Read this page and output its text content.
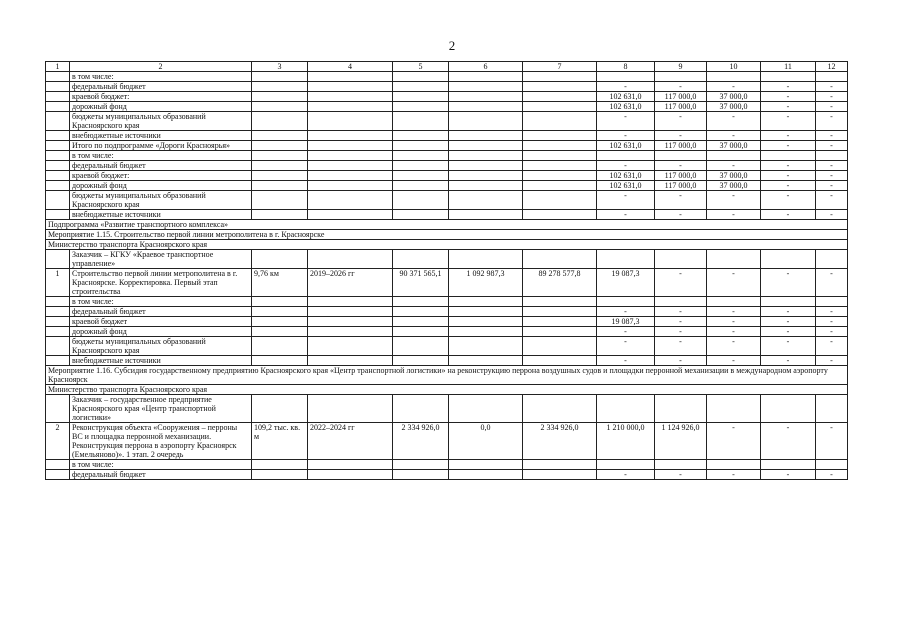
2
1	2	3	4	5	6	7	8	9	10	11	12
	в том числе:										
	федеральный бюджет						-	-	-	-	-
	краевой бюджет:						102 631,0	117 000,0	37 000,0	-	-
	дорожный фонд						102 631,0	117 000,0	37 000,0	-	-
	бюджеты муниципальных образований Красноярского края						-	-	-	-	-
	внебюджетные источники						-	-	-	-	-
	Итого по подпрограмме «Дороги Красноярья»						102 631,0	117 000,0	37 000,0	-	-
	в том числе:										
	федеральный бюджет						-	-	-	-	-
	краевой бюджет:						102 631,0	117 000,0	37 000,0	-	-
	дорожный фонд						102 631,0	117 000,0	37 000,0	-	-
	бюджеты муниципальных образований Красноярского края						-	-	-	-	-
	внебюджетные источники						-	-	-	-	-
Подпрограмма «Развитие транспортного комплекса»											
Мероприятие 1.15. Строительство первой линии метрополитена в г. Красноярске											
Министерство транспорта Красноярского края											
	Заказчик – КГКУ «Краевое транспортное управление»										
1	Строительство первой линии метрополитена в г. Красноярске. Корректировка. Первый этап строительства	9,76 км	2019–2026 гг	90 371 565,1	1 092 987,3	89 278 577,8	19 087,3	-	-	-	-
	в том числе:										
	федеральный бюджет						-	-	-	-	-
	краевой бюджет						19 087,3	-	-	-	-
	дорожный фонд						-	-	-	-	-
	бюджеты муниципальных образований Красноярского края						-	-	-	-	-
	внебюджетные источники						-	-	-	-	-
Мероприятие 1.16. Субсидия государственному предприятию Красноярского края «Центр транспортной логистики» на реконструкцию перрона воздушных судов и площадки перронной механизации в международном аэропорту Красноярск											
Министерство транспорта Красноярского края											
	Заказчик – государственное предприятие Красноярского края «Центр транспортной логистики»										
2	Реконструкция объекта «Сооружения – перроны ВС и площадка перронной механизации. Реконструкция перрона в аэропорту Красноярск (Емельяново)». 1 этап. 2 очередь	109,2 тыс. кв. м	2022–2024 гг	2 334 926,0	0,0	2 334 926,0	1 210 000,0	1 124 926,0	-	-	-
	в том числе:										
	федеральный бюджет						-	-	-	-	-
